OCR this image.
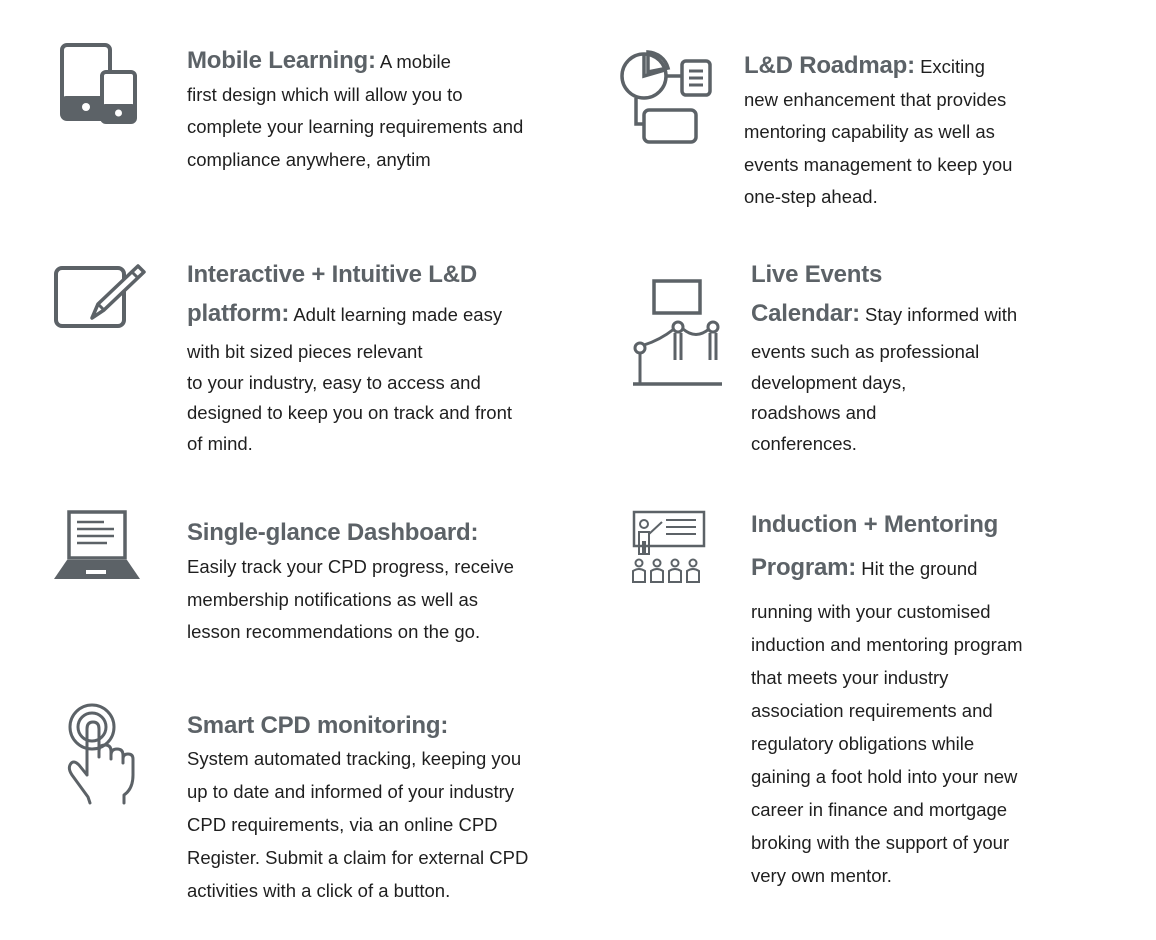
Mobile Learning: A mobile
first design which will allow you to
complete your learning requirements and
compliance anywhere, anytim
L&D Roadmap: Exciting
new enhancement that provides
mentoring capability as well as
events management to keep you
one-step ahead.
Interactive + Intuitive L&D
platform: Adult learning made easy
with bit sized pieces relevant
to your industry, easy to access and
designed to keep you on track and front
of mind.
Live Events
Calendar: Stay informed with
events such as professional
development days,
roadshows and
conferences.
Single-glance Dashboard:
Easily track your CPD progress, receive
membership notifications as well as
lesson recommendations on the go.
Induction + Mentoring
Program: Hit the ground
running with your customised
induction and mentoring program
that meets your industry
association requirements and
regulatory obligations while
gaining a foot hold into your new
career in finance and mortgage
broking with the support of your
very own mentor.
Smart CPD monitoring:
System automated tracking, keeping you
up to date and informed of your industry
CPD requirements, via an online CPD
Register. Submit a claim for external CPD
activities with a click of a button.
